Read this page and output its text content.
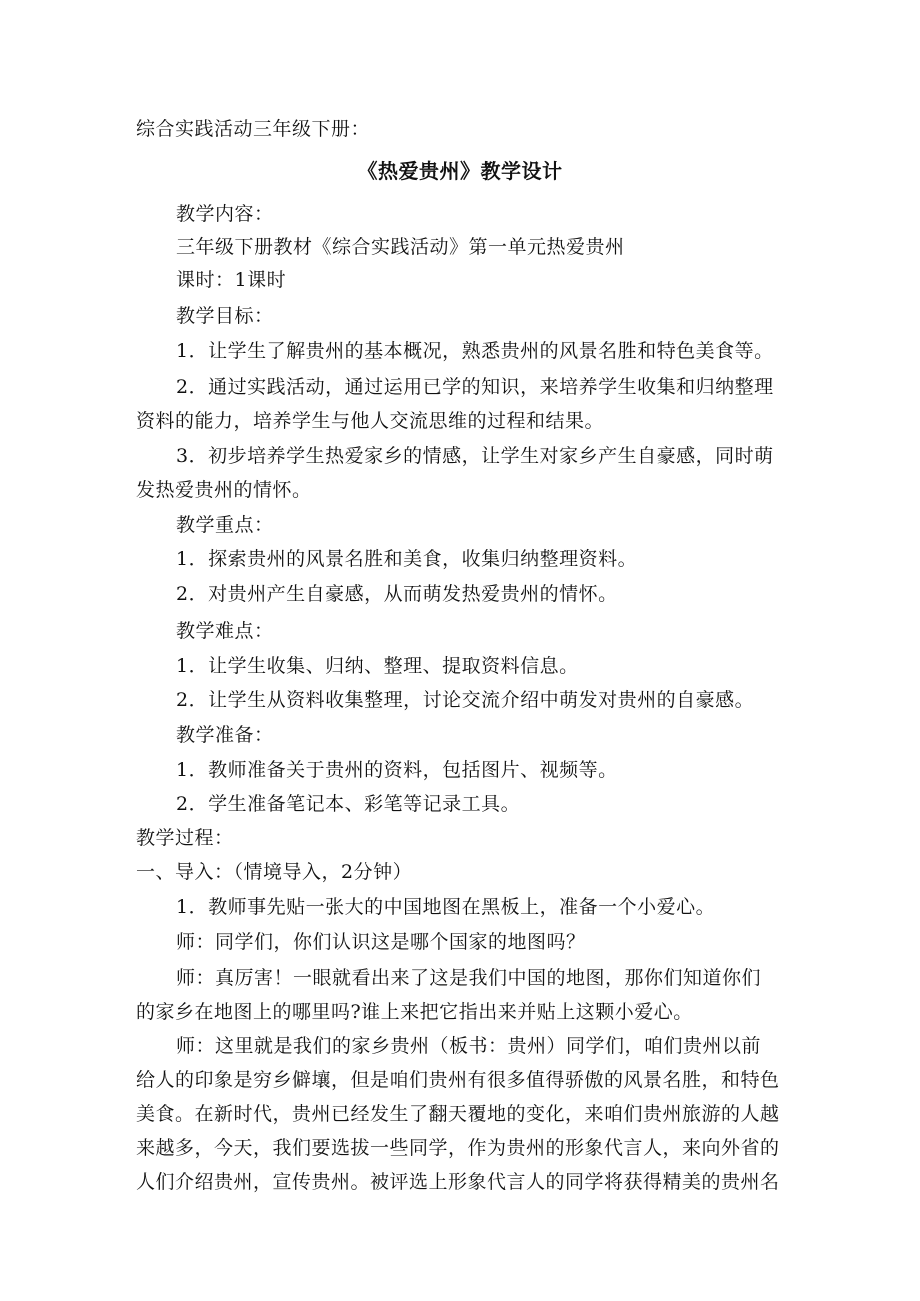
综合实践活动三年级下册：
《热爱贵州》教学设计
教学内容：
三年级下册教材《综合实践活动》第一单元热爱贵州
课时：1课时
教学目标：
1．让学生了解贵州的基本概况，熟悉贵州的风景名胜和特色美食等。
2．通过实践活动，通过运用已学的知识，来培养学生收集和归纳整理
资料的能力，培养学生与他人交流思维的过程和结果。
3．初步培养学生热爱家乡的情感，让学生对家乡产生自豪感，同时萌
发热爱贵州的情怀。
教学重点：
1．探索贵州的风景名胜和美食，收集归纳整理资料。
2．对贵州产生自豪感，从而萌发热爱贵州的情怀。
教学难点：
1．让学生收集、归纳、整理、提取资料信息。
2．让学生从资料收集整理，讨论交流介绍中萌发对贵州的自豪感。
教学准备：
1．教师准备关于贵州的资料，包括图片、视频等。
2．学生准备笔记本、彩笔等记录工具。
教学过程：
一、导入：（情境导入，2分钟）
1．教师事先贴一张大的中国地图在黑板上，准备一个小爱心。
师：同学们，你们认识这是哪个国家的地图吗？
师：真厉害！一眼就看出来了这是我们中国的地图，那你们知道你们
的家乡在地图上的哪里吗?谁上来把它指出来并贴上这颗小爱心。
师：这里就是我们的家乡贵州（板书：贵州）同学们，咱们贵州以前
给人的印象是穷乡僻壤，但是咱们贵州有很多值得骄傲的风景名胜，和特色
美食。在新时代，贵州已经发生了翻天覆地的变化，来咱们贵州旅游的人越
来越多，今天，我们要选拔一些同学，作为贵州的形象代言人，来向外省的
人们介绍贵州，宣传贵州。被评选上形象代言人的同学将获得精美的贵州名
